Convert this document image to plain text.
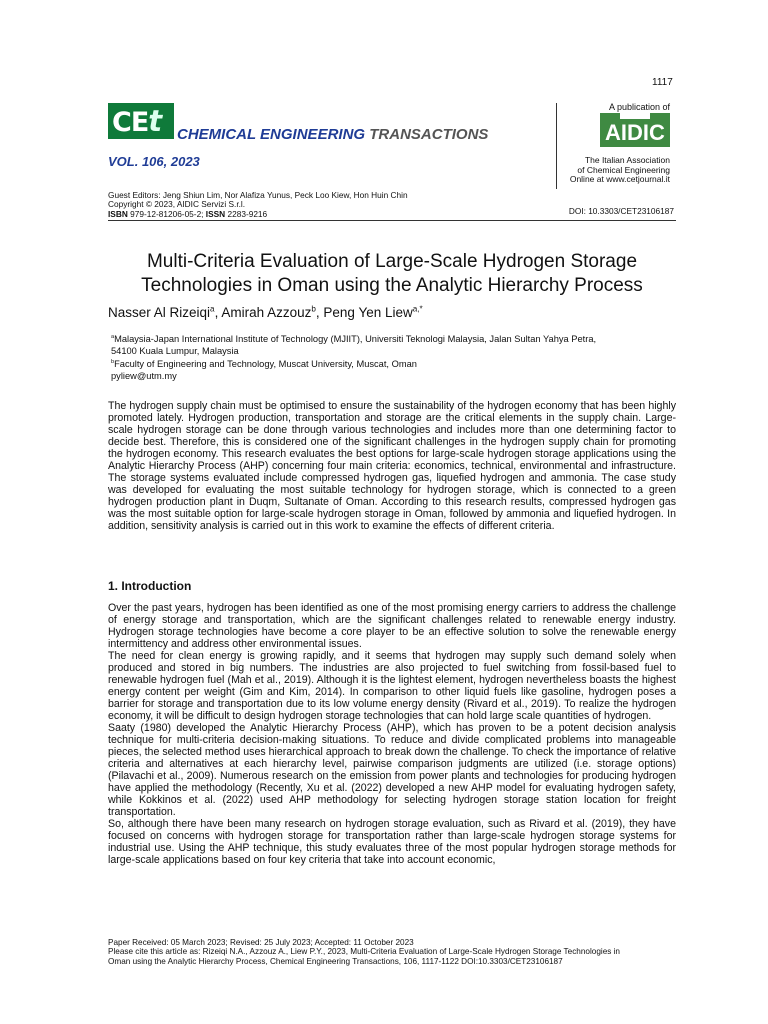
1117
CEt	CHEMICAL ENGINEERING TRANSACTIONS
VOL. 106, 2023
A publication of
AIDIC
The Italian Association
of Chemical Engineering
Online at www.cetjournal.it
Guest Editors: Jeng Shiun Lim, Nor Alafiza Yunus, Peck Loo Kiew, Hon Huin Chin
Copyright © 2023, AIDIC Servizi S.r.l.
ISBN 979-12-81206-05-2; ISSN 2283-9216	DOI: 10.3303/CET23106187
Multi-Criteria Evaluation of Large-Scale Hydrogen Storage
Technologies in Oman using the Analytic Hierarchy Process
Nasser Al Rizeiqi$^a$, Amirah Azzouz$^b$, Peng Yen Liew$^{a,*}$
$^a$Malaysia-Japan International Institute of Technology (MJIIT), Universiti Teknologi Malaysia, Jalan Sultan Yahya Petra,
54100 Kuala Lumpur, Malaysia
$^b$Faculty of Engineering and Technology, Muscat University, Muscat, Oman
pyliew@utm.my

The hydrogen supply chain must be optimised to ensure the sustainability of the hydrogen economy that has been highly promoted lately. Hydrogen production, transportation and storage are the critical elements in the supply chain. Large-scale hydrogen storage can be done through various technologies and includes more than one determining factor to decide best. Therefore, this is considered one of the significant challenges in the hydrogen supply chain for promoting the hydrogen economy. This research evaluates the best options for large-scale hydrogen storage applications using the Analytic Hierarchy Process (AHP) concerning four main criteria: economics, technical, environmental and infrastructure. The storage systems evaluated include compressed hydrogen gas, liquefied hydrogen and ammonia. The case study was developed for evaluating the most suitable technology for hydrogen storage, which is connected to a green hydrogen production plant in Duqm, Sultanate of Oman. According to this research results, compressed hydrogen gas was the most suitable option for large-scale hydrogen storage in Oman, followed by ammonia and liquefied hydrogen. In addition, sensitivity analysis is carried out in this work to examine the effects of different criteria.

1. Introduction

Over the past years, hydrogen has been identified as one of the most promising energy carriers to address the challenge of energy storage and transportation, which are the significant challenges related to renewable energy industry. Hydrogen storage technologies have become a core player to be an effective solution to solve the renewable energy intermittency and address other environmental issues.

The need for clean energy is growing rapidly, and it seems that hydrogen may supply such demand solely when produced and stored in big numbers. The industries are also projected to fuel switching from fossil-based fuel to renewable hydrogen fuel (Mah et al., 2019). Although it is the lightest element, hydrogen nevertheless boasts the highest energy content per weight (Gim and Kim, 2014). In comparison to other liquid fuels like gasoline, hydrogen poses a barrier for storage and transportation due to its low volume energy density (Rivard et al., 2019). To realize the hydrogen economy, it will be difficult to design hydrogen storage technologies that can hold large scale quantities of hydrogen.

Saaty (1980) developed the Analytic Hierarchy Process (AHP), which has proven to be a potent decision analysis technique for multi-criteria decision-making situations. To reduce and divide complicated problems into manageable pieces, the selected method uses hierarchical approach to break down the challenge. To check the importance of relative criteria and alternatives at each hierarchy level, pairwise comparison judgments are utilized (i.e. storage options) (Pilavachi et al., 2009). Numerous research on the emission from power plants and technologies for producing hydrogen have applied the methodology (Recently, Xu et al. (2022) developed a new AHP model for evaluating hydrogen safety, while Kokkinos et al. (2022) used AHP methodology for selecting hydrogen storage station location for freight transportation.

So, although there have been many research on hydrogen storage evaluation, such as Rivard et al. (2019), they have focused on concerns with hydrogen storage for transportation rather than large-scale hydrogen storage systems for industrial use. Using the AHP technique, this study evaluates three of the most popular hydrogen storage methods for large-scale applications based on four key criteria that take into account economic,

Paper Received: 05 March 2023; Revised: 25 July 2023; Accepted: 11 October 2023
Please cite this article as: Rizeiqi N.A., Azzouz A., Liew P.Y., 2023, Multi-Criteria Evaluation of Large-Scale Hydrogen Storage Technologies in
Oman using the Analytic Hierarchy Process, Chemical Engineering Transactions, 106, 1117-1122 DOI:10.3303/CET23106187
